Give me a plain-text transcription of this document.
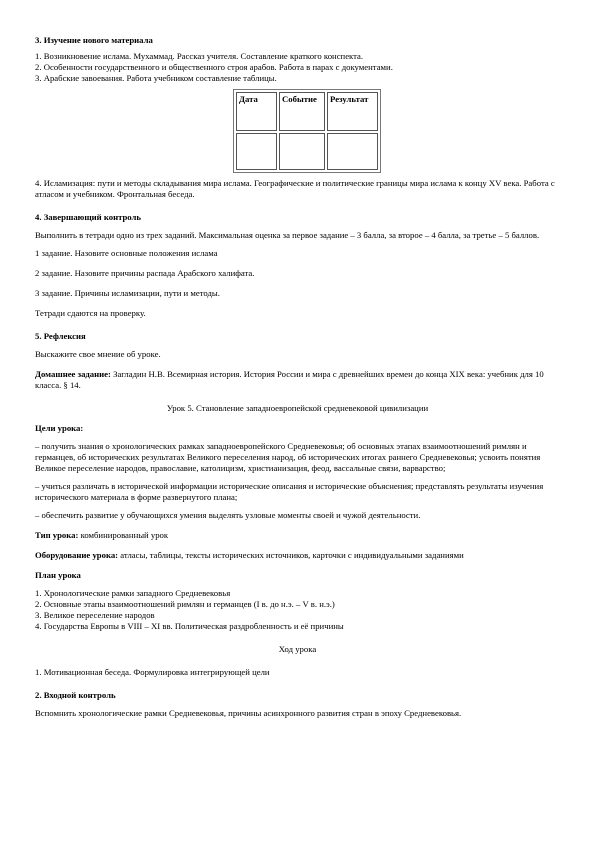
3. Изучение нового материала

1. Возникновение ислама. Мухаммад. Рассказ учителя. Составление краткого конспекта.

2. Особенности государственного и общественного строя арабов. Работа в парах с документами.

3. Арабские завоевания. Работа учебником составление таблицы.

Дата	Событие	Результат

4. Исламизация: пути и методы складывания мира ислама. Географические и политические границы мира ислама к концу XV века. Работа с атласом и учебником. Фронтальная беседа.

4. Завершающий контроль

Выполнить в тетради одно из трех заданий. Максимальная оценка за первое задание – 3 балла, за второе – 4 балла, за третье – 5 баллов.

1 задание. Назовите основные положения ислама

2 задание. Назовите причины распада Арабского халифата.

3 задание. Причины исламизации, пути и методы.

Тетради сдаются на проверку.

5. Рефлексия

Выскажите свое мнение об уроке.

Домашнее задание: Загладин Н.В. Всемирная история. История России и мира с древнейших времен до конца XIX века: учебник для 10 класса. § 14.

Урок 5. Становление западноевропейской средневековой цивилизации

Цели урока:

– получить знания о хронологических рамках западноевропейского Средневековья; об основных этапах взаимоотношений римлян и германцев, об исторических результатах Великого переселения народ, об исторических итогах раннего Средневековья; усвоить понятия Великое переселение народов, православие, католицизм, христианизация, феод, вассальные связи, варварство;

– учиться различать в исторической информации исторические описания и исторические объяснения; представлять результаты изучения исторического материала в форме развернутого плана;

– обеспечить развитие у обучающихся умения выделять узловые моменты своей и чужой деятельности.

Тип урока: комбинированный урок

Оборудование урока: атласы, таблицы, тексты исторических источников, карточки с индивидуальными заданиями

План урока

1. Хронологические рамки западного Средневековья

2. Основные этапы взаимоотношений римлян и германцев (I в. до н.э. – V в. н.э.)

3. Великое переселение народов

4. Государства Европы в VIII – XI вв. Политическая раздробленность и её причины

Ход урока

1. Мотивационная беседа. Формулировка интегрирующей цели

2. Входной контроль

Вспомнить хронологические рамки Средневековья, причины асинхронного развития стран в эпоху Средневековья.
